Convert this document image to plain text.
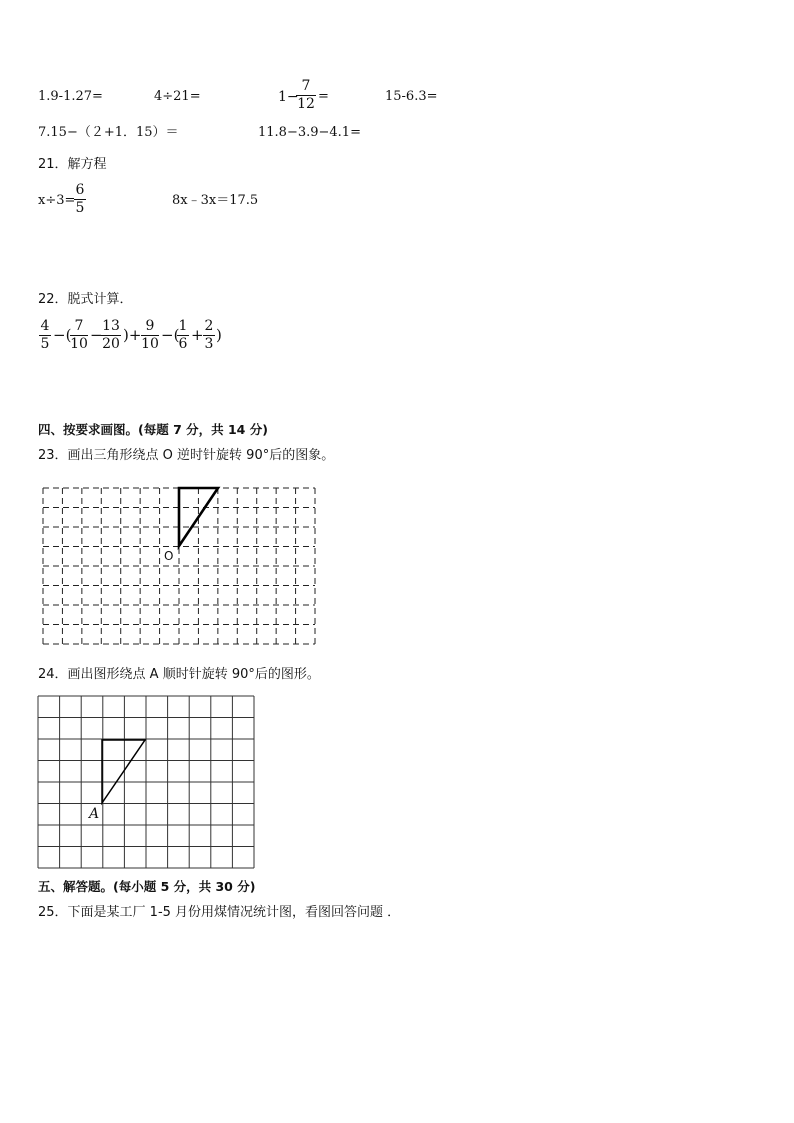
1.9-1.27=	4÷21=	1−
7
12 =	15-6.3=
7.15−（２+1．15）＝	11.8−3.9−4.1=
21．解方程
x÷3=
6
5	8x﹣3x＝17.5
22．脱式计算．
4
5 −( 7
10 − 13
20 )+ 9
10 −( 1
6 + 2
3 )
四、按要求画图。(每题 7 分，共 14 分)
23．画出三角形绕点 O 逆时针旋转 90°后的图象。
O
24．画出图形绕点 A 顺时针旋转 90°后的图形。
A
五、解答题。(每小题 5 分，共 30 分)
25．下面是某工厂 1-5 月份用煤情况统计图，看图回答问题 ．
